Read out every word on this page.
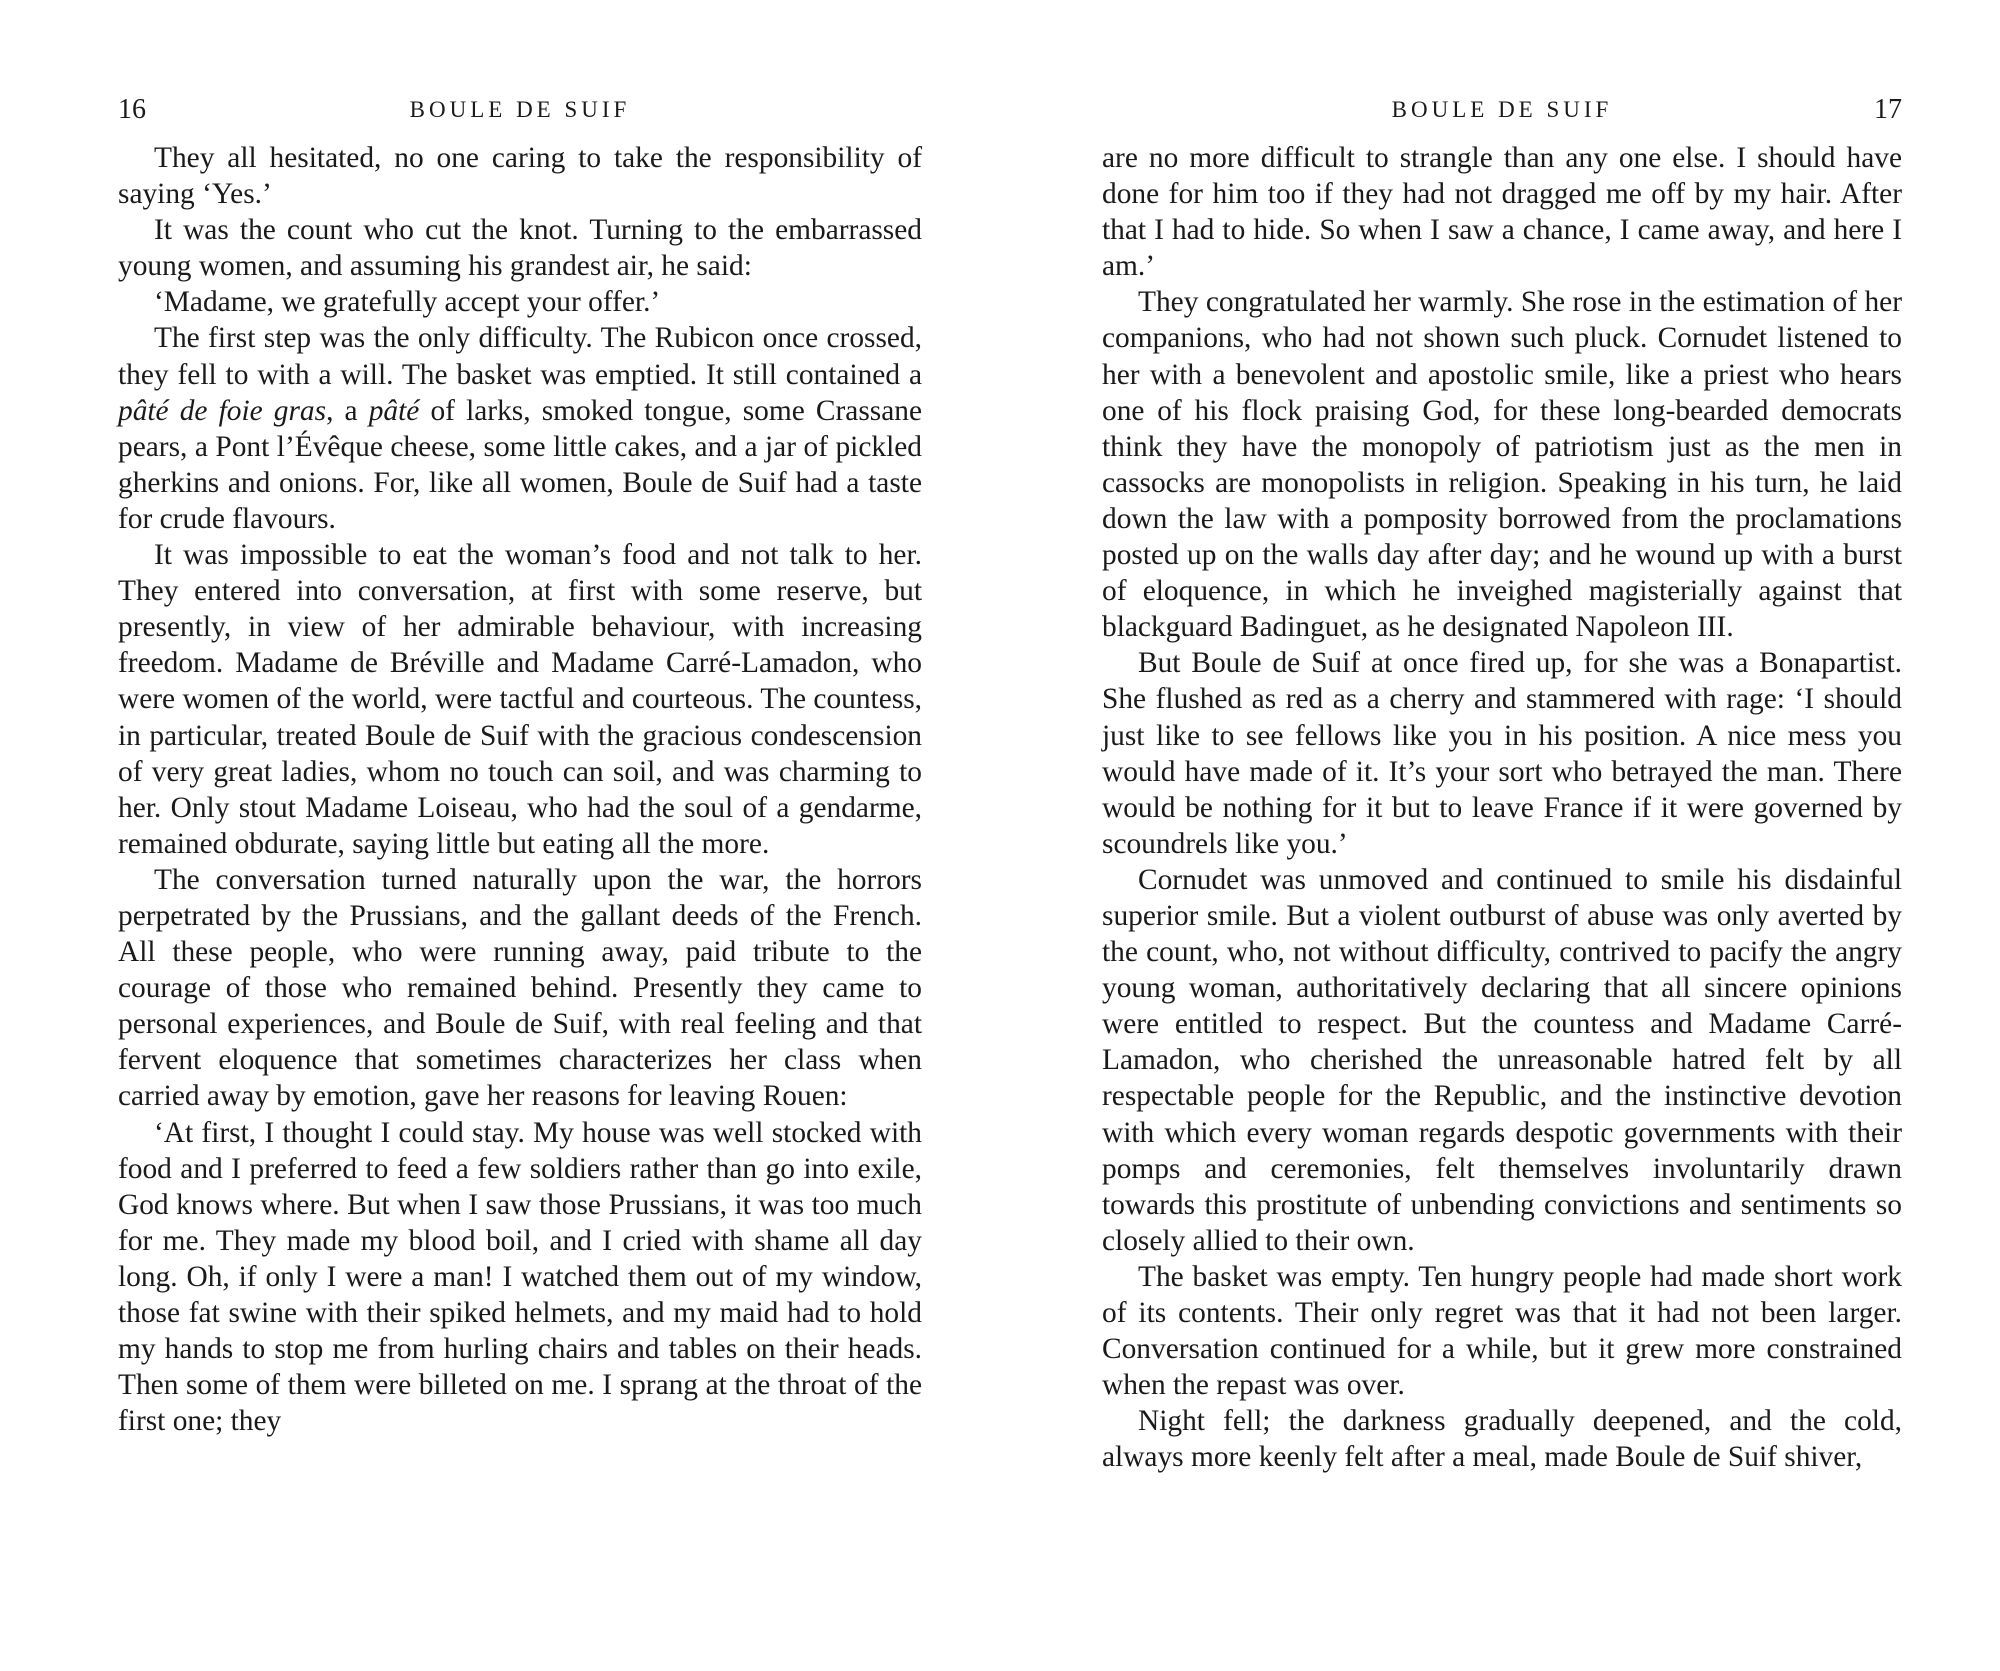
16	BOULE DE SUIF

They all hesitated, no one caring to take the responsibility of saying ‘Yes.’

It was the count who cut the knot. Turning to the embarrassed young women, and assuming his grandest air, he said:

‘Madame, we gratefully accept your offer.’

The first step was the only difficulty. The Rubicon once crossed, they fell to with a will. The basket was emptied. It still contained a pâté de foie gras, a pâté of larks, smoked tongue, some Crassane pears, a Pont l’Évêque cheese, some little cakes, and a jar of pickled gherkins and onions. For, like all women, Boule de Suif had a taste for crude flavours.

It was impossible to eat the woman’s food and not talk to her. They entered into conversation, at first with some reserve, but presently, in view of her admirable behaviour, with increasing freedom. Madame de Bréville and Madame Carré-Lamadon, who were women of the world, were tactful and courteous. The countess, in particular, treated Boule de Suif with the gracious condescension of very great ladies, whom no touch can soil, and was charming to her. Only stout Madame Loiseau, who had the soul of a gendarme, remained obdurate, saying little but eating all the more.

The conversation turned naturally upon the war, the horrors perpetrated by the Prussians, and the gallant deeds of the French. All these people, who were running away, paid tribute to the courage of those who remained behind. Presently they came to personal experiences, and Boule de Suif, with real feeling and that fervent eloquence that sometimes characterizes her class when carried away by emotion, gave her reasons for leaving Rouen:

‘At first, I thought I could stay. My house was well stocked with food and I preferred to feed a few soldiers rather than go into exile, God knows where. But when I saw those Prussians, it was too much for me. They made my blood boil, and I cried with shame all day long. Oh, if only I were a man! I watched them out of my window, those fat swine with their spiked helmets, and my maid had to hold my hands to stop me from hurling chairs and tables on their heads. Then some of them were billeted on me. I sprang at the throat of the first one; they

BOULE DE SUIF	17

are no more difficult to strangle than any one else. I should have done for him too if they had not dragged me off by my hair. After that I had to hide. So when I saw a chance, I came away, and here I am.’

They congratulated her warmly. She rose in the estimation of her companions, who had not shown such pluck. Cornudet listened to her with a benevolent and apostolic smile, like a priest who hears one of his flock praising God, for these long-bearded democrats think they have the monopoly of patriotism just as the men in cassocks are monopolists in religion. Speaking in his turn, he laid down the law with a pomposity borrowed from the proclamations posted up on the walls day after day; and he wound up with a burst of eloquence, in which he inveighed magisterially against that blackguard Badinguet, as he designated Napoleon III.

But Boule de Suif at once fired up, for she was a Bonapartist. She flushed as red as a cherry and stammered with rage: ‘I should just like to see fellows like you in his position. A nice mess you would have made of it. It’s your sort who betrayed the man. There would be nothing for it but to leave France if it were governed by scoundrels like you.’

Cornudet was unmoved and continued to smile his disdainful superior smile. But a violent outburst of abuse was only averted by the count, who, not without difficulty, contrived to pacify the angry young woman, authoritatively declaring that all sincere opinions were entitled to respect. But the countess and Madame Carré-Lamadon, who cherished the unreasonable hatred felt by all respectable people for the Republic, and the instinctive devotion with which every woman regards despotic governments with their pomps and ceremonies, felt themselves involuntarily drawn towards this prostitute of unbending convictions and sentiments so closely allied to their own.

The basket was empty. Ten hungry people had made short work of its contents. Their only regret was that it had not been larger. Conversation continued for a while, but it grew more constrained when the repast was over.

Night fell; the darkness gradually deepened, and the cold, always more keenly felt after a meal, made Boule de Suif shiver,
